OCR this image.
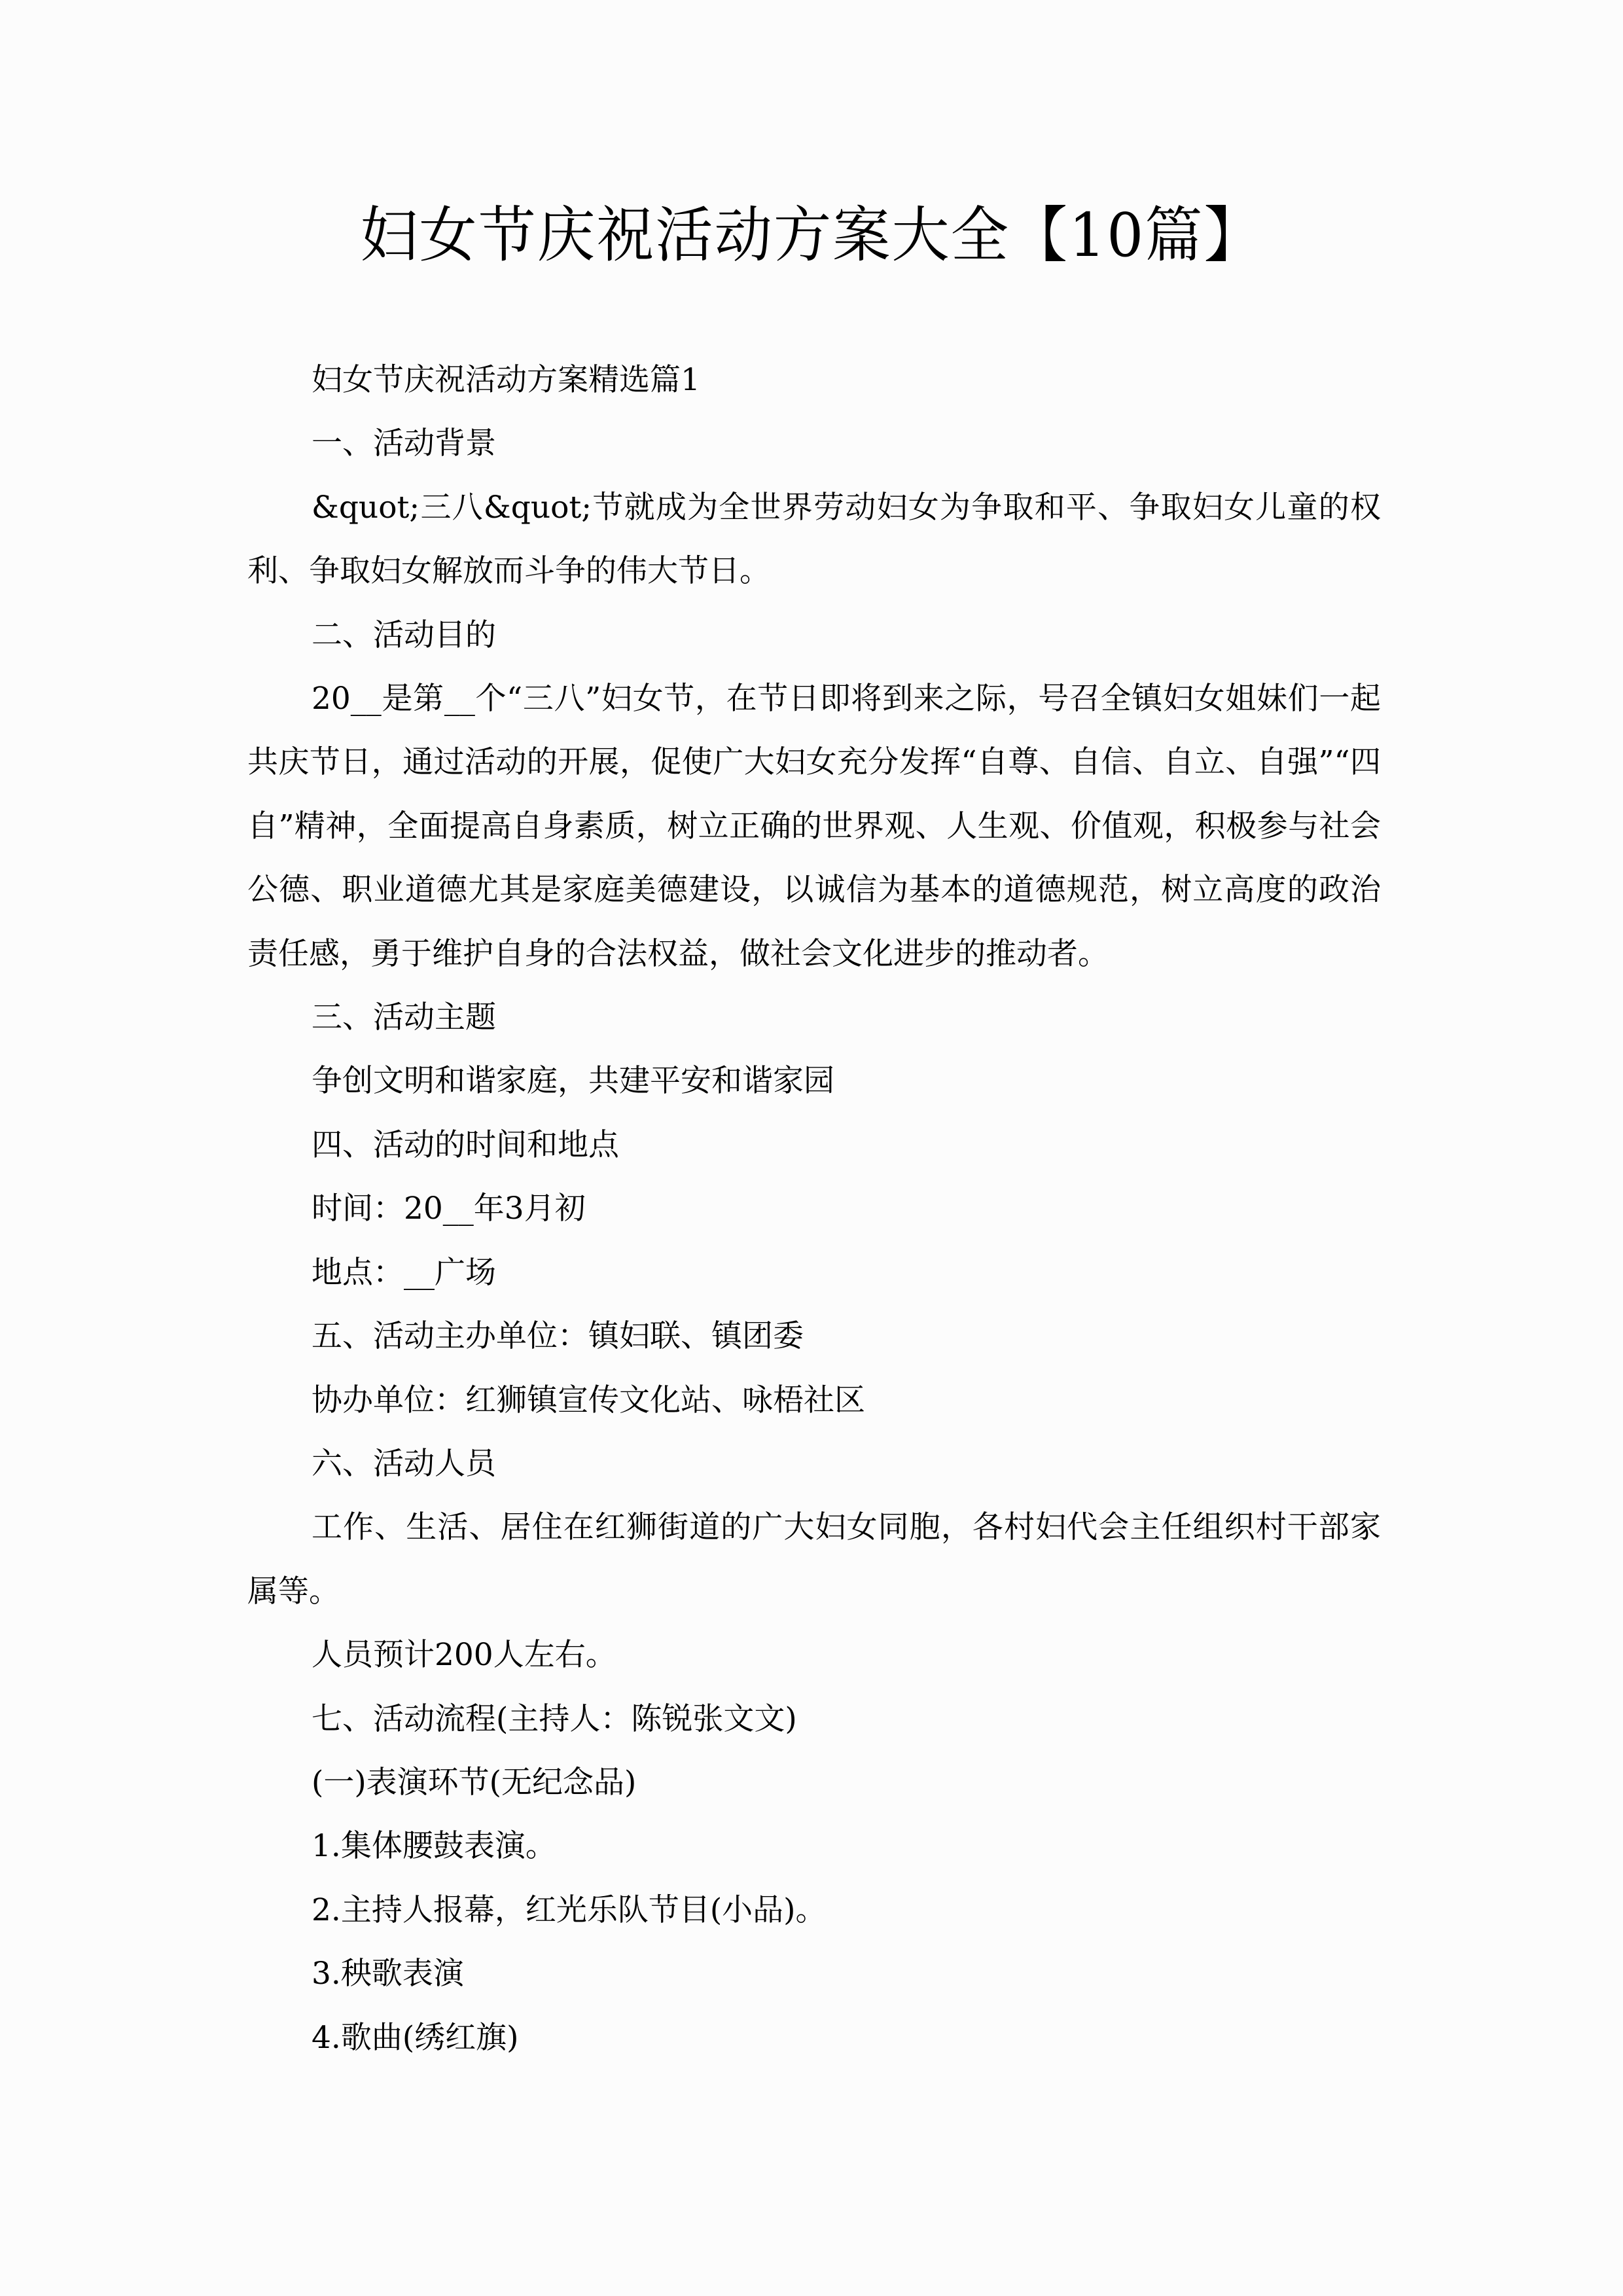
妇女节庆祝活动方案大全【10篇】

妇女节庆祝活动方案精选篇1

一、活动背景

&quot;三八&quot;节就成为全世界劳动妇女为争取和平、争取妇女儿童的权利、争取妇女解放而斗争的伟大节日。

二、活动目的

20__是第__个“三八”妇女节，在节日即将到来之际，号召全镇妇女姐妹们一起共庆节日，通过活动的开展，促使广大妇女充分发挥“自尊、自信、自立、自强”“四自”精神，全面提高自身素质，树立正确的世界观、人生观、价值观，积极参与社会公德、职业道德尤其是家庭美德建设，以诚信为基本的道德规范，树立高度的政治责任感，勇于维护自身的合法权益，做社会文化进步的推动者。

三、活动主题

争创文明和谐家庭，共建平安和谐家园

四、活动的时间和地点

时间：20__年3月初

地点：__广场

五、活动主办单位：镇妇联、镇团委

协办单位：红狮镇宣传文化站、咏梧社区

六、活动人员

工作、生活、居住在红狮街道的广大妇女同胞，各村妇代会主任组织村干部家属等。

人员预计200人左右。

七、活动流程(主持人：陈锐张文文)

(一)表演环节(无纪念品)

1.集体腰鼓表演。

2.主持人报幕，红光乐队节目(小品)。

3.秧歌表演

4.歌曲(绣红旗)
